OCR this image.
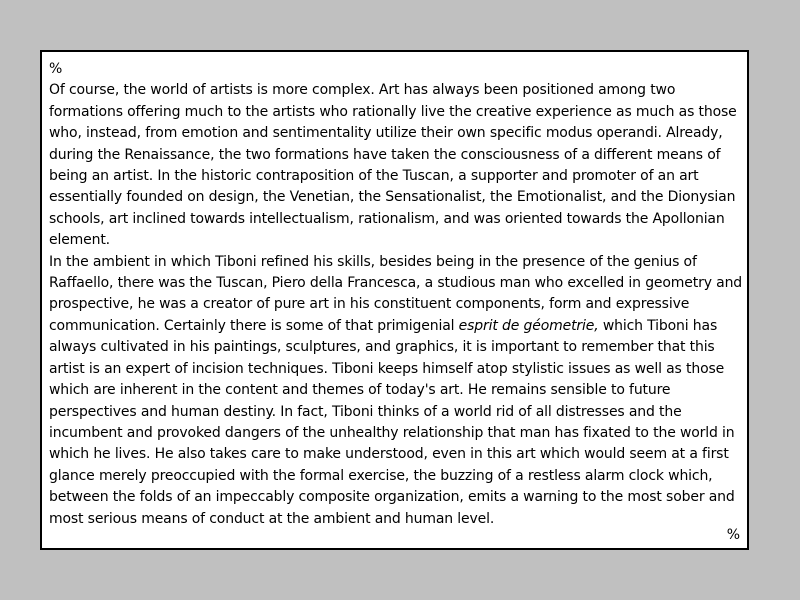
%

Of course, the world of artists is more complex. Art has always been positioned among two formations offering much to the artists who rationally live the creative experience as much as those who, instead, from emotion and sentimentality utilize their own specific modus operandi. Already, during the Renaissance, the two formations have taken the consciousness of a different means of being an artist. In the historic contraposition of the Tuscan, a supporter and promoter of an art essentially founded on design, the Venetian, the Sensationalist, the Emotionalist, and the Dionysian schools, art inclined towards intellectualism, rationalism, and was oriented towards the Apollonian element.

In the ambient in which Tiboni refined his skills, besides being in the presence of the genius of Raffaello, there was the Tuscan, Piero della Francesca, a studious man who excelled in geometry and prospective, he was a creator of pure art in his constituent components, form and expressive communication. Certainly there is some of that primigenial esprit de géometrie, which Tiboni has always cultivated in his paintings, sculptures, and graphics, it is important to remember that this artist is an expert of incision techniques. Tiboni keeps himself atop stylistic issues as well as those which are inherent in the content and themes of today's art. He remains sensible to future perspectives and human destiny. In fact, Tiboni thinks of a world rid of all distresses and the incumbent and provoked dangers of the unhealthy relationship that man has fixated to the world in which he lives. He also takes care to make understood, even in this art which would seem at a first glance merely preoccupied with the formal exercise, the buzzing of a restless alarm clock which, between the folds of an impeccably composite organization, emits a warning to the most sober and most serious means of conduct at the ambient and human level.

%
